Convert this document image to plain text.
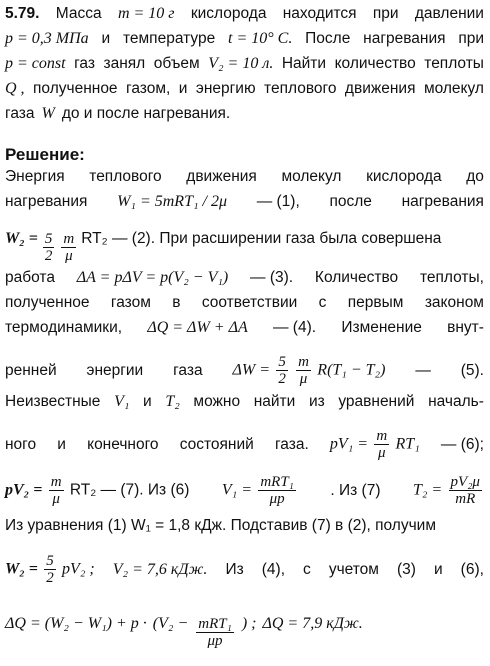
5.79. Масса m = 10 г кислорода находится при давлении
p = 0,3 МПа и температуре t = 10° C. После нагревания при
p = const газ занял объем V₂ = 10 л. Найти количество теплоты
Q , полученное газом, и энергию теплового движения молекул
газа W до и после нагревания.
Решение:
Энергия теплового движения молекул кислорода до
нагревания W₁ = 5mRT₁ / 2μ — (1), после нагревания
$W_2 = \frac{5}{2} \frac{m}{\mu} RT_2$ — (2). При расширении газа была совершена
работа ΔA = pΔV = p(V₂ − V₁) — (3). Количество теплоты,
полученное газом в соответствии с первым законом
термодинамики, ΔQ = ΔW + ΔA — (4). Изменение внут-
ренней энергии газа $\Delta W = \frac{5}{2}$
$\frac{m}{\mu} R(T_1 - T_2)$ — (5).
Неизвестные V₁ и T₂ можно найти из уравнений началь-
ного и конечного состояний газа. $pV_1 = \frac{m}{\mu} RT_1$ — (6);
$pV_2 = \frac{m}{\mu} RT_2$ — (7). Из (6) $V_1 = \frac{\text{mRT₁}}{\mu p}$ . Из (7) $T_2 = \frac{\text{pV₂μ}}{mR}$
Из уравнения (1) W₁ = 1,8 кДж. Подставив (7) в (2), получим
$W_2 = \frac{5}{2} pV_2$ ; V₂ = 7,6 кДж. Из (4), с учетом (3) и (6),
$\Delta Q = (W_2 - W_1) + p \cdot (V_2 - \frac{\text{mRT₁}}{\mu p}$ ) ; ΔQ = 7,9 кДж.
